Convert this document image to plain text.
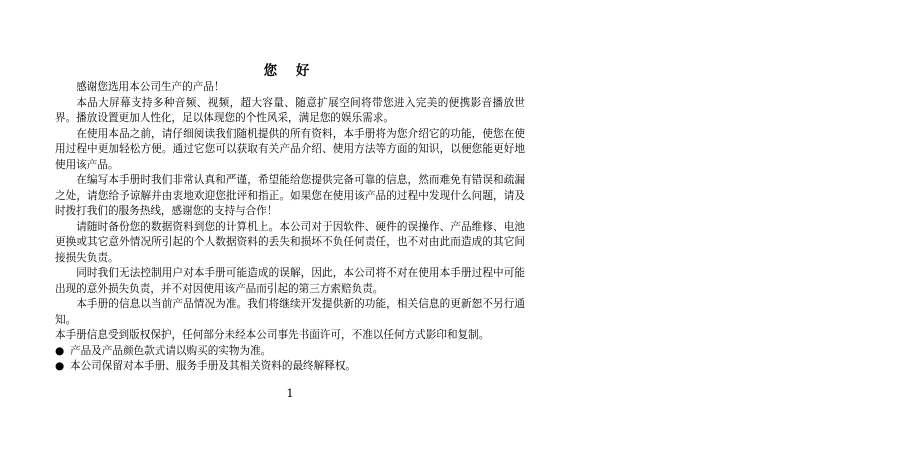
您 好

感谢您选用本公司生产的产品！

本品大屏幕支持多种音频、视频，超大容量、随意扩展空间将带您进入完美的便携影音播放世界。播放设置更加人性化，足以体现您的个性风采，满足您的娱乐需求。

在使用本品之前，请仔细阅读我们随机提供的所有资料，本手册将为您介绍它的功能，使您在使用过程中更加轻松方便。通过它您可以获取有关产品介绍、使用方法等方面的知识，以便您能更好地使用该产品。

在编写本手册时我们非常认真和严谨，希望能给您提供完备可靠的信息，然而难免有错误和疏漏之处，请您给予谅解并由衷地欢迎您批评和指正。如果您在使用该产品的过程中发现什么问题，请及时拨打我们的服务热线，感谢您的支持与合作！

请随时备份您的数据资料到您的计算机上。本公司对于因软件、硬件的误操作、产品维修、电池更换或其它意外情况所引起的个人数据资料的丢失和损坏不负任何责任，也不对由此而造成的其它间接损失负责。

同时我们无法控制用户对本手册可能造成的误解，因此，本公司将不对在使用本手册过程中可能出现的意外损失负责，并不对因使用该产品而引起的第三方索赔负责。

本手册的信息以当前产品情况为准。我们将继续开发提供新的功能，相关信息的更新恕不另行通知。

本手册信息受到版权保护，任何部分未经本公司事先书面许可，不准以任何方式影印和复制。

● 产品及产品颜色款式请以购买的实物为准。
● 本公司保留对本手册、服务手册及其相关资料的最终解释权。
1
